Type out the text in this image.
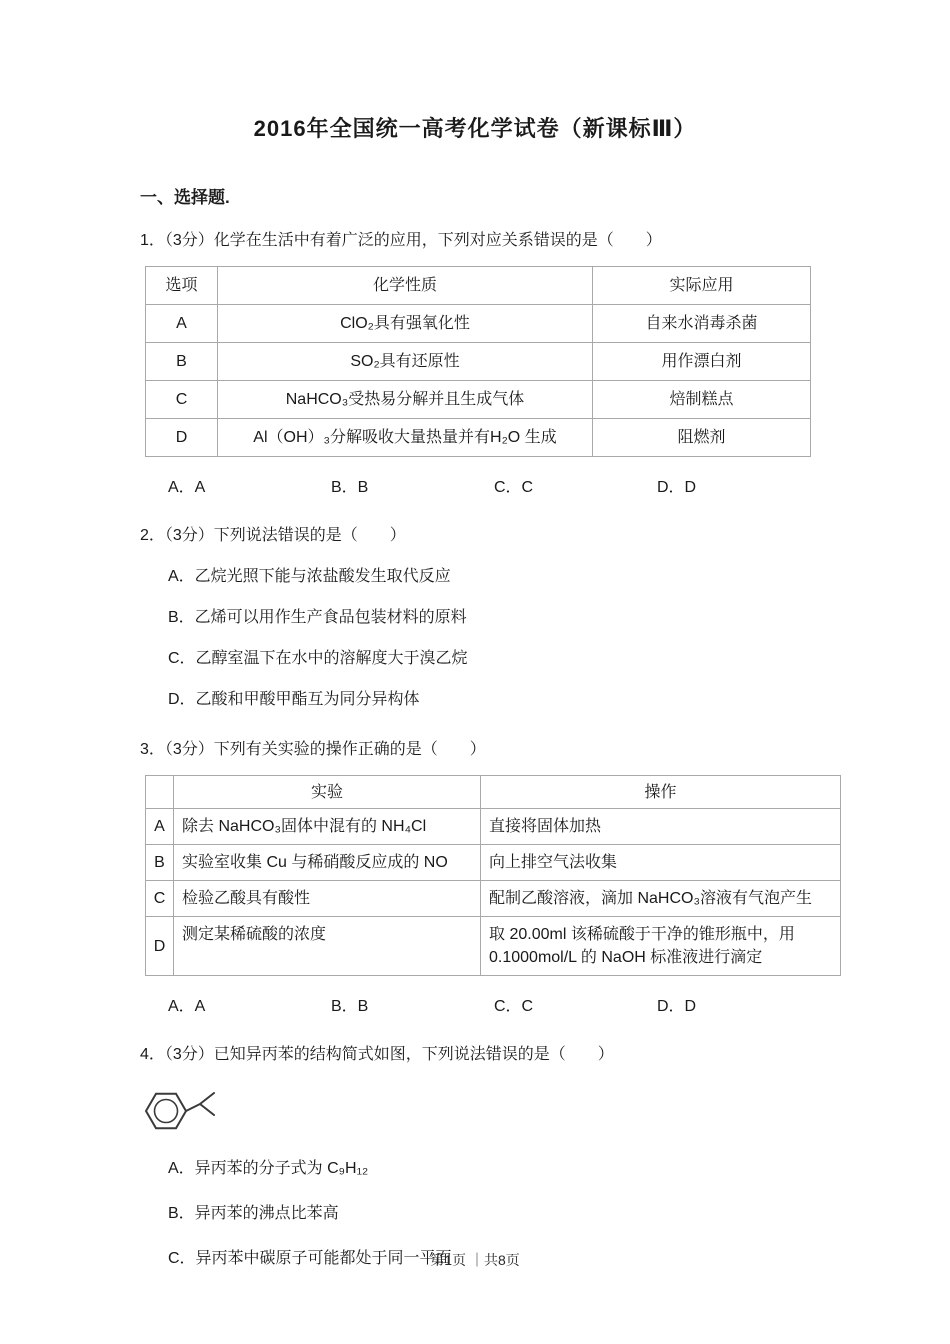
2016年全国统一高考化学试卷（新课标Ⅲ）
一、选择题.
1．（3分）化学在生活中有着广泛的应用，下列对应关系错误的是（　　）
选项	化学性质	实际应用
A	ClO₂具有强氧化性	自来水消毒杀菌
B	SO₂具有还原性	用作漂白剂
C	NaHCO₃受热易分解并且生成气体	焙制糕点
D	Al（OH）₃分解吸收大量热量并有H₂O 生成	阻燃剂
A．A	B．B	C．C	D．D
2．（3分）下列说法错误的是（　　）
A．乙烷光照下能与浓盐酸发生取代反应
B．乙烯可以用作生产食品包装材料的原料
C．乙醇室温下在水中的溶解度大于溴乙烷
D．乙酸和甲酸甲酯互为同分异构体
3．（3分）下列有关实验的操作正确的是（　　）
	实验	操作
A	除去 NaHCO₃固体中混有的 NH₄Cl	直接将固体加热
B	实验室收集 Cu 与稀硝酸反应成的 NO	向上排空气法收集
C	检验乙酸具有酸性	配制乙酸溶液，滴加 NaHCO₃溶液有气泡产生
D	测定某稀硫酸的浓度	取 20.00ml 该稀硫酸于干净的锥形瓶中，用 0.1000mol/L 的 NaOH 标准液进行滴定
A．A	B．B	C．C	D．D
4．（3分）已知异丙苯的结构简式如图，下列说法错误的是（　　）
A．异丙苯的分子式为 C₉H₁₂
B．异丙苯的沸点比苯高
C．异丙苯中碳原子可能都处于同一平面
第1页 ｜共8页
